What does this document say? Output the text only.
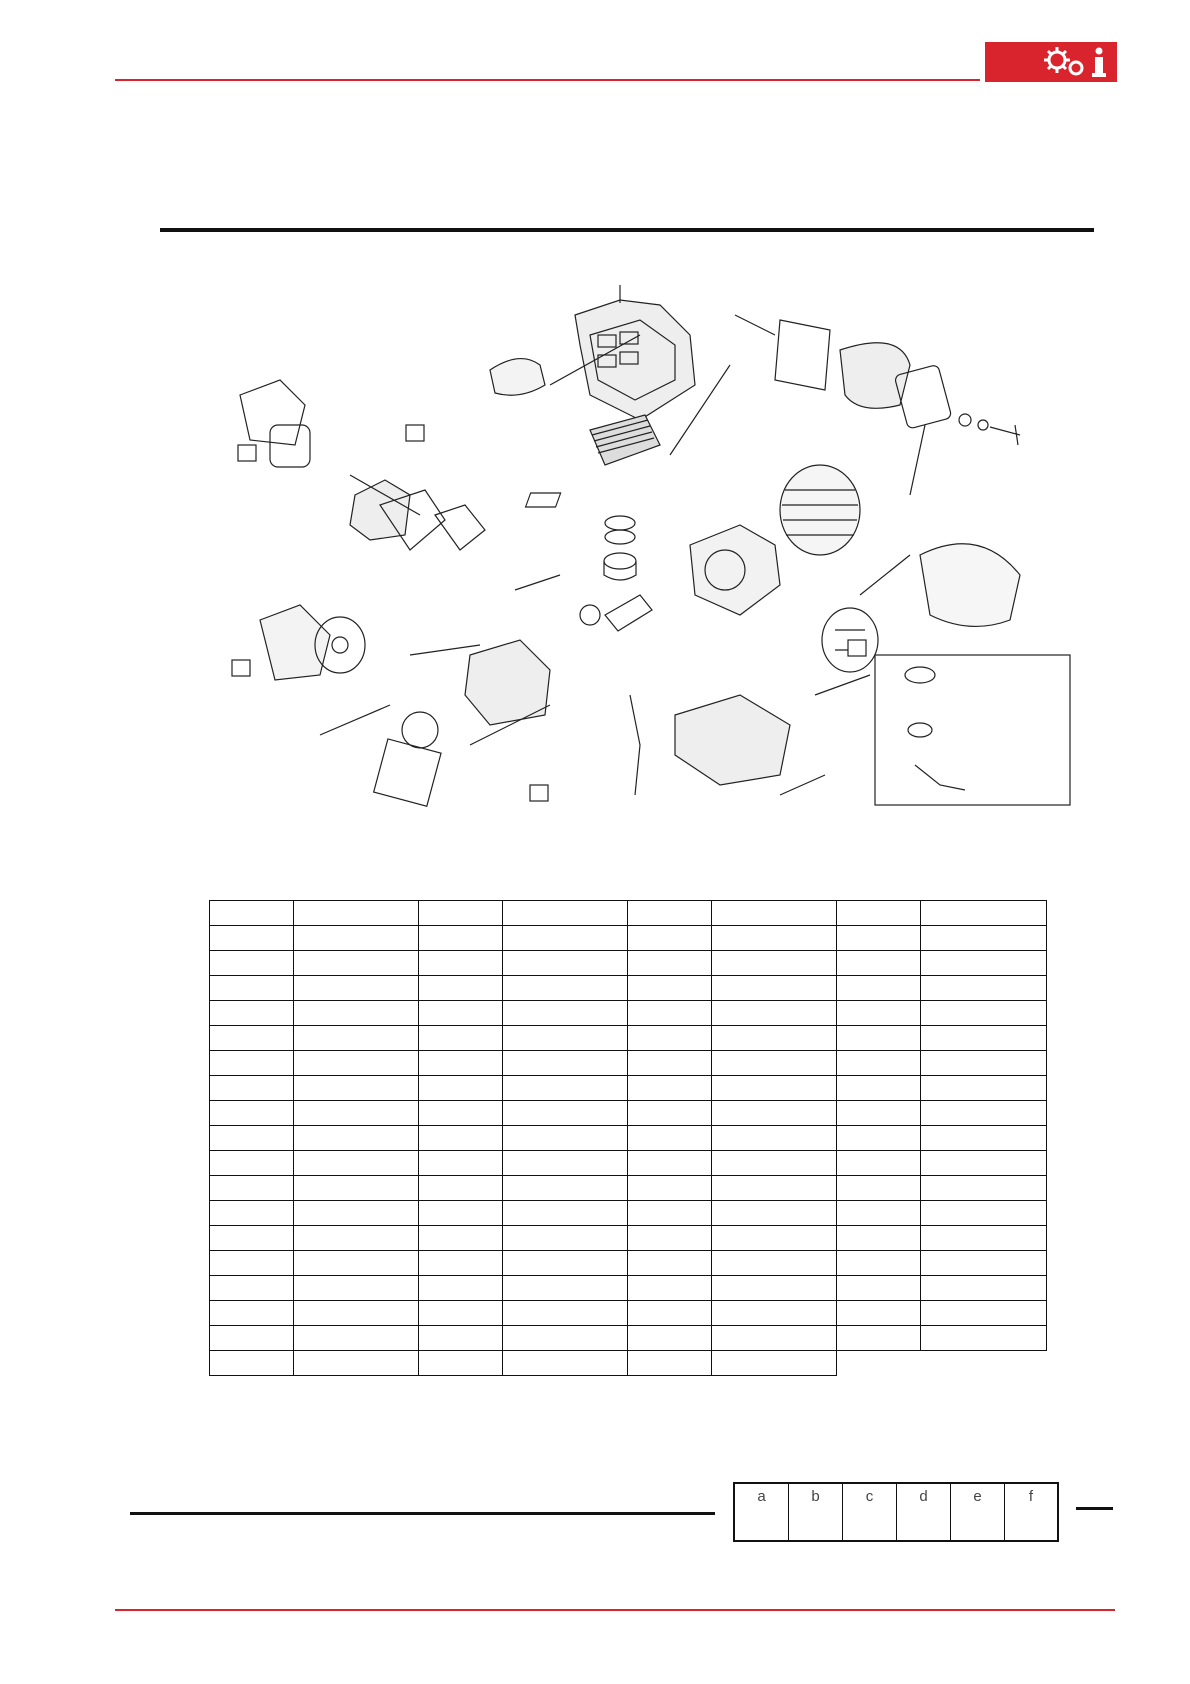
a	b	c	d	e	f
